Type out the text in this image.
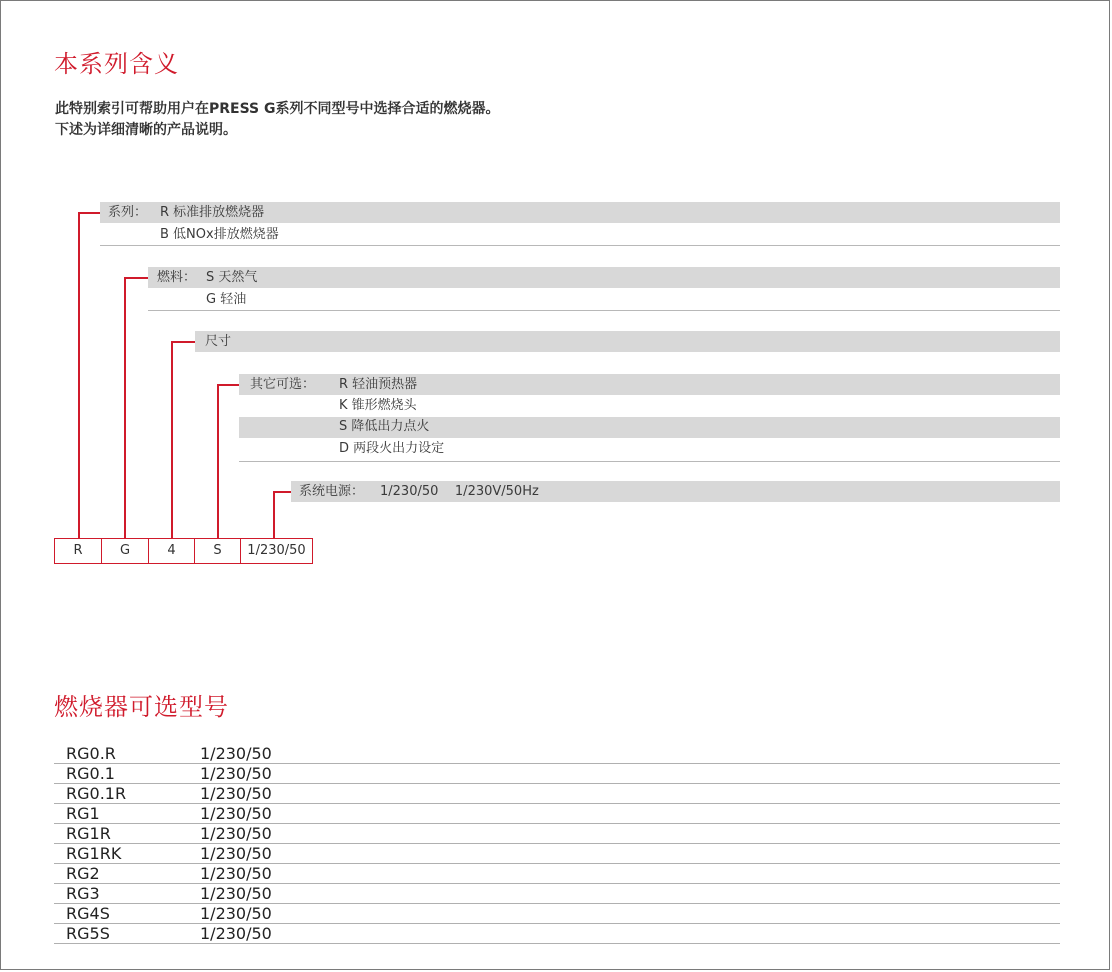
本系列含义
此特别索引可帮助用户在PRESS G系列不同型号中选择合适的燃烧器。
下述为详细清晰的产品说明。
系列： R 标准排放燃烧器
B 低NOx排放燃烧器
燃料： S 天然气
G 轻油
尺寸
其它可选： R 轻油预热器
K 锥形燃烧头
S 降低出力点火
D 两段火出力设定
系统电源： 1/230/50    1/230V/50Hz
R	G	4	S	1/230/50
燃烧器可选型号
RG0.R	1/230/50
RG0.1	1/230/50
RG0.1R	1/230/50
RG1	1/230/50
RG1R	1/230/50
RG1RK	1/230/50
RG2	1/230/50
RG3	1/230/50
RG4S	1/230/50
RG5S	1/230/50
